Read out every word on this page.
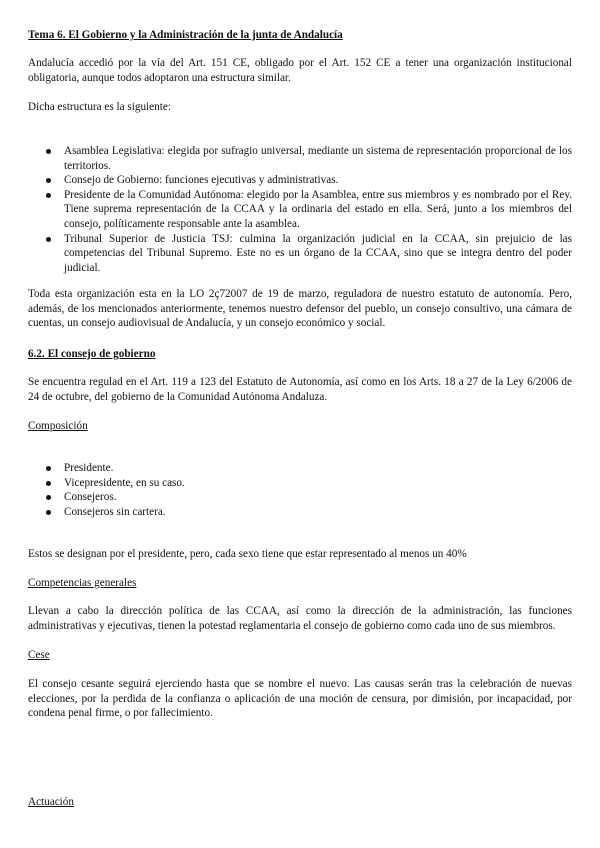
Tema 6. El Gobierno y la Administración de la junta de Andalucía

Andalucía accedió por la vía del Art. 151 CE, obligado por el Art. 152 CE a tener una organización institucional obligatoria, aunque todos adoptaron una estructura similar.

Dicha estructura es la siguiente:

Asamblea Legislativa: elegida por sufragio universal, mediante un sistema de representación proporcional de los territorios.
Consejo de Gobierno: funciones ejecutivas y administrativas.
Presidente de la Comunidad Autónoma: elegido por la Asamblea, entre sus miembros y es nombrado por el Rey. Tiene suprema representación de la CCAA y la ordinaria del estado en ella. Será, junto a los miembros del consejo, políticamente responsable ante la asamblea.
Tribunal Superior de Justicia TSJ: culmina la organización judicial en la CCAA, sin prejuicio de las competencias del Tribunal Supremo. Este no es un órgano de la CCAA, sino que se integra dentro del poder judicial.

Toda esta organización esta en la LO 2ç72007 de 19 de marzo, reguladora de nuestro estatuto de autonomía. Pero, además, de los mencionados anteriormente, tenemos nuestro defensor del pueblo, un consejo consultivo, una cámara de cuentas, un consejo audiovisual de Andalucía, y un consejo económico y social.

6.2. El consejo de gobierno

Se encuentra regulad en el Art. 119 a 123 del Estatuto de Autonomía, así como en los Arts. 18 a 27 de la Ley 6/2006 de 24 de octubre, del gobierno de la Comunidad Autónoma Andaluza.

Composición

Presidente.
Vicepresidente, en su caso.
Consejeros.
Consejeros sin cartera.

Estos se designan por el presidente, pero, cada sexo tiene que estar representado al menos un 40%

Competencias generales

Llevan a cabo la dirección política de las CCAA, así como la dirección de la administración, las funciones administrativas y ejecutivas, tienen la potestad reglamentaria el consejo de gobierno como cada uno de sus miembros.

Cese

El consejo cesante seguirá ejerciendo hasta que se nombre el nuevo. Las causas serán tras la celebración de nuevas elecciones, por la perdida de la confianza o aplicación de una moción de censura, por dimisión, por incapacidad, por condena penal firme, o por fallecimiento.

Actuación
